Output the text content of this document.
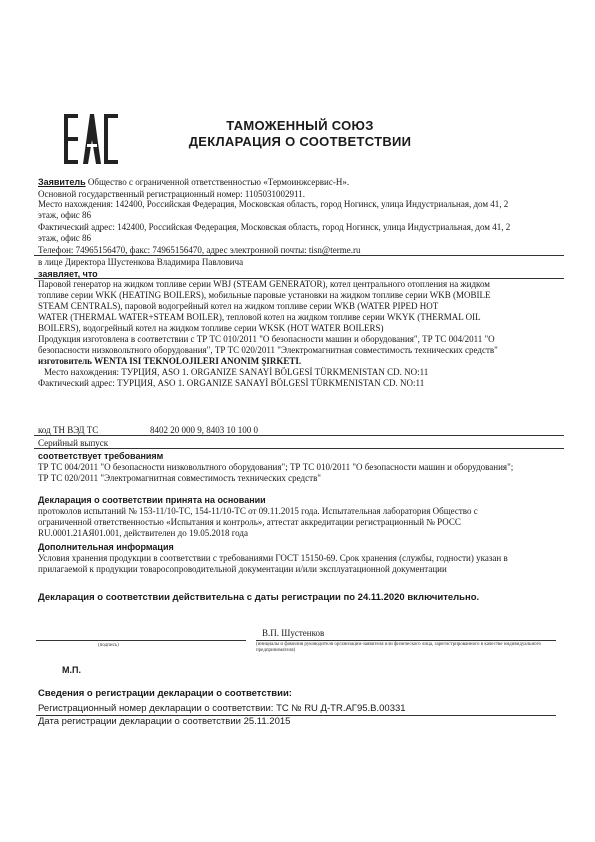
ТАМОЖЕННЫЙ СОЮЗ
ДЕКЛАРАЦИЯ О СООТВЕТСТВИИ
Заявитель Общество с ограниченной ответственностью «Термоинжсервис-Н».
Основной государственный регистрационный номер: 1105031002911.
Место нахождения: 142400, Российская Федерация, Московская область, город Ногинск, улица Индустриальная, дом 41, 2
этаж, офис 86
Фактический адрес: 142400, Российская Федерация, Московская область, город Ногинск, улица Индустриальная, дом 41, 2
этаж, офис 86
Телефон: 74965156470, факс: 74965156470, адрес электронной почты: tisn@terme.ru
в лице Директора Шустенкова Владимира Павловича
заявляет, что
Паровой генератор на жидком топливе серии WBJ (STEAM GENERATOR), котел центрального отопления на жидком
топливе серии WKK (HEATING BOILERS), мобильные паровые установки на жидком топливе серии WKB (MOBILE
STEAM CENTRALS), паровой водогрейный котел на жидком топливе серии WKB (WATER PIPED HOT
WATER (THERMAL WATER+STEAM BOILER), тепловой котел на жидком топливе серии WKYK (THERMAL OIL
BOILERS), водогрейный котел на жидком топливе серии WKSK (HOT WATER BOILERS)
Продукция изготовлена в соответствии с ТР ТС 010/2011 "О безопасности машин и оборудования", ТР ТС 004/2011 "О
безопасности низковольтного оборудования", ТР ТС 020/2011 "Электромагнитная совместимость технических средств"
изготовитель WENTA ISI TEKNOLOJILERI ANONIM ŞIRKETI.
Место нахождения: ТУРЦИЯ, ASO 1. ORGANIZE SANAYİ BÖLGESİ TÜRKMENISTAN CD. NO:11
Фактический адрес: ТУРЦИЯ, ASO 1. ORGANIZE SANAYİ BÖLGESİ TÜRKMENISTAN CD. NO:11
код ТН ВЭД ТС	8402 20 000 9, 8403 10 100 0
Серийный выпуск
соответствует требованиям
ТР ТС 004/2011 "О безопасности низковольтного оборудования"; ТР ТС 010/2011 "О безопасности машин и оборудования";
ТР ТС 020/2011 "Электромагнитная совместимость технических средств"
Декларация о соответствии принята на основании
протоколов испытаний № 153-11/10-ТС, 154-11/10-ТС от 09.11.2015 года. Испытательная лаборатория Общество с
ограниченной ответственностью «Испытания и контроль», аттестат аккредитации регистрационный № РОСС
RU.0001.21АЯ01.001, действителен до 19.05.2018 года
Дополнительная информация
Условия хранения продукции в соответствии с требованиями ГОСТ 15150-69. Срок хранения (службы, годности) указан в
прилагаемой к продукции товаросопроводительной документации и/или эксплуатационной документации
Декларация о соответствии действительна с даты регистрации по 24.11.2020 включительно.
В.П. Шустенков
(подпись)	(инициалы и фамилия руководителя организации-заявителя или физического лица, зарегистрированного в качестве индивидуального предпринимателя)
М.П.
Сведения о регистрации декларации о соответствии:
Регистрационный номер декларации о соответствии: ТС № RU Д-TR.АГ95.В.00331
Дата регистрации декларации о соответствии 25.11.2015
